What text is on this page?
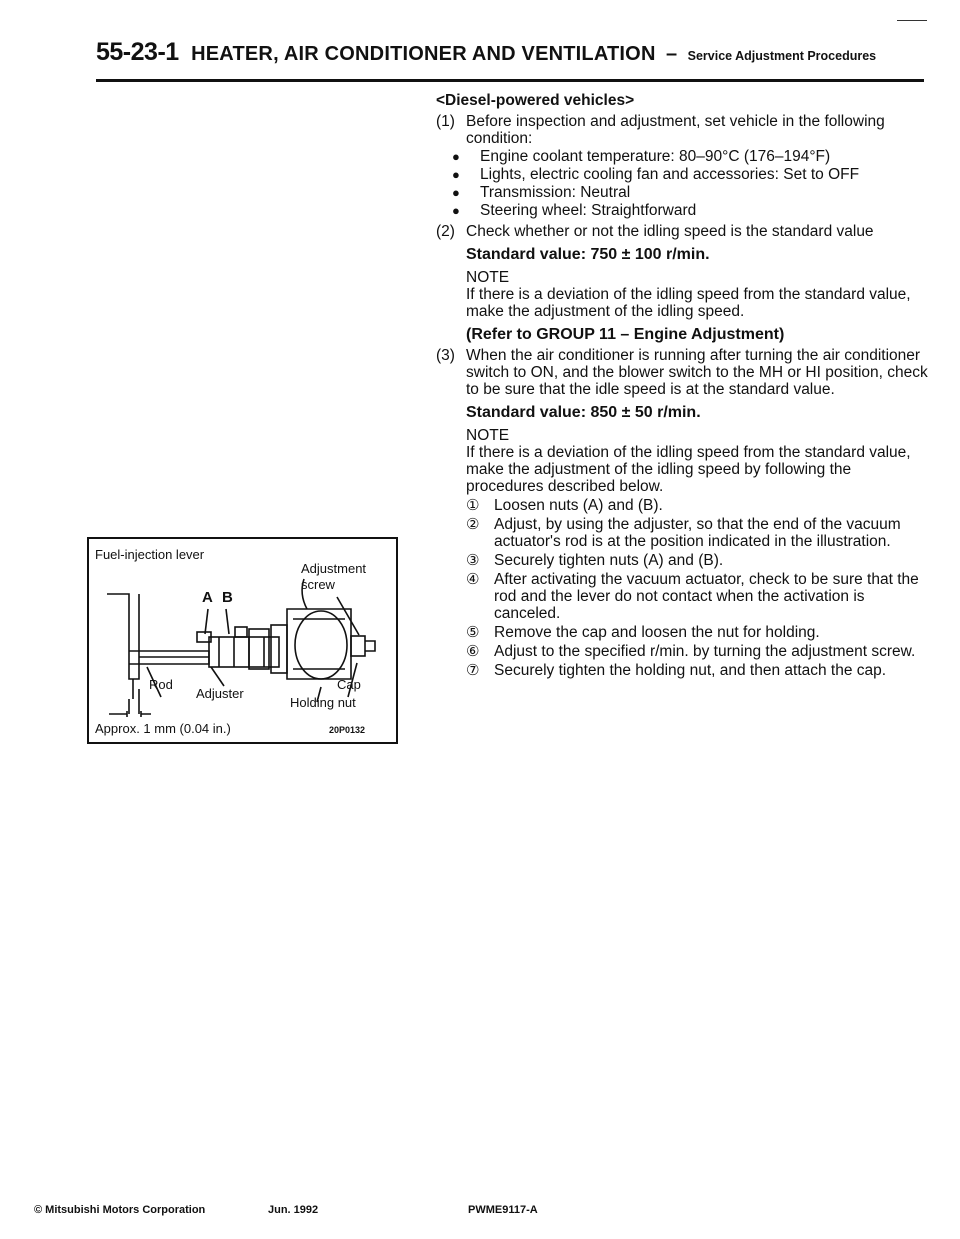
55-23-1 HEATER, AIR CONDITIONER AND VENTILATION – Service Adjustment Procedures

<Diesel-powered vehicles>

(1) Before inspection and adjustment, set vehicle in the following condition:
●	Engine coolant temperature: 80–90°C (176–194°F)
●	Lights, electric cooling fan and accessories: Set to OFF
●	Transmission: Neutral
●	Steering wheel: Straightforward
(2) Check whether or not the idling speed is the standard value

Standard value: 750 ± 100 r/min.

NOTE

If there is a deviation of the idling speed from the standard value, make the adjustment of the idling speed.

(Refer to GROUP 11 – Engine Adjustment)

(3) When the air conditioner is running after turning the air conditioner switch to ON, and the blower switch to the MH or HI position, check to be sure that the idle speed is at the standard value.

Standard value: 850 ± 50 r/min.

NOTE

If there is a deviation of the idling speed from the standard value, make the adjustment of the idling speed by following the procedures described below.

① Loosen nuts (A) and (B).
② Adjust, by using the adjuster, so that the end of the vacuum actuator's rod is at the position indicated in the illustration.
③ Securely tighten nuts (A) and (B).
④ After activating the vacuum actuator, check to be sure that the rod and the lever do not contact when the activation is canceled.
⑤ Remove the cap and loosen the nut for holding.
⑥ Adjust to the specified r/min. by turning the adjustment screw.
⑦ Securely tighten the holding nut, and then attach the cap.
Fuel-injection lever
Adjustment
screw
A B
Rod
Adjuster
Cap
Holding nut
Approx. 1 mm (0.04 in.)	20P0132
© Mitsubishi Motors Corporation	Jun. 1992	PWME9117-A
